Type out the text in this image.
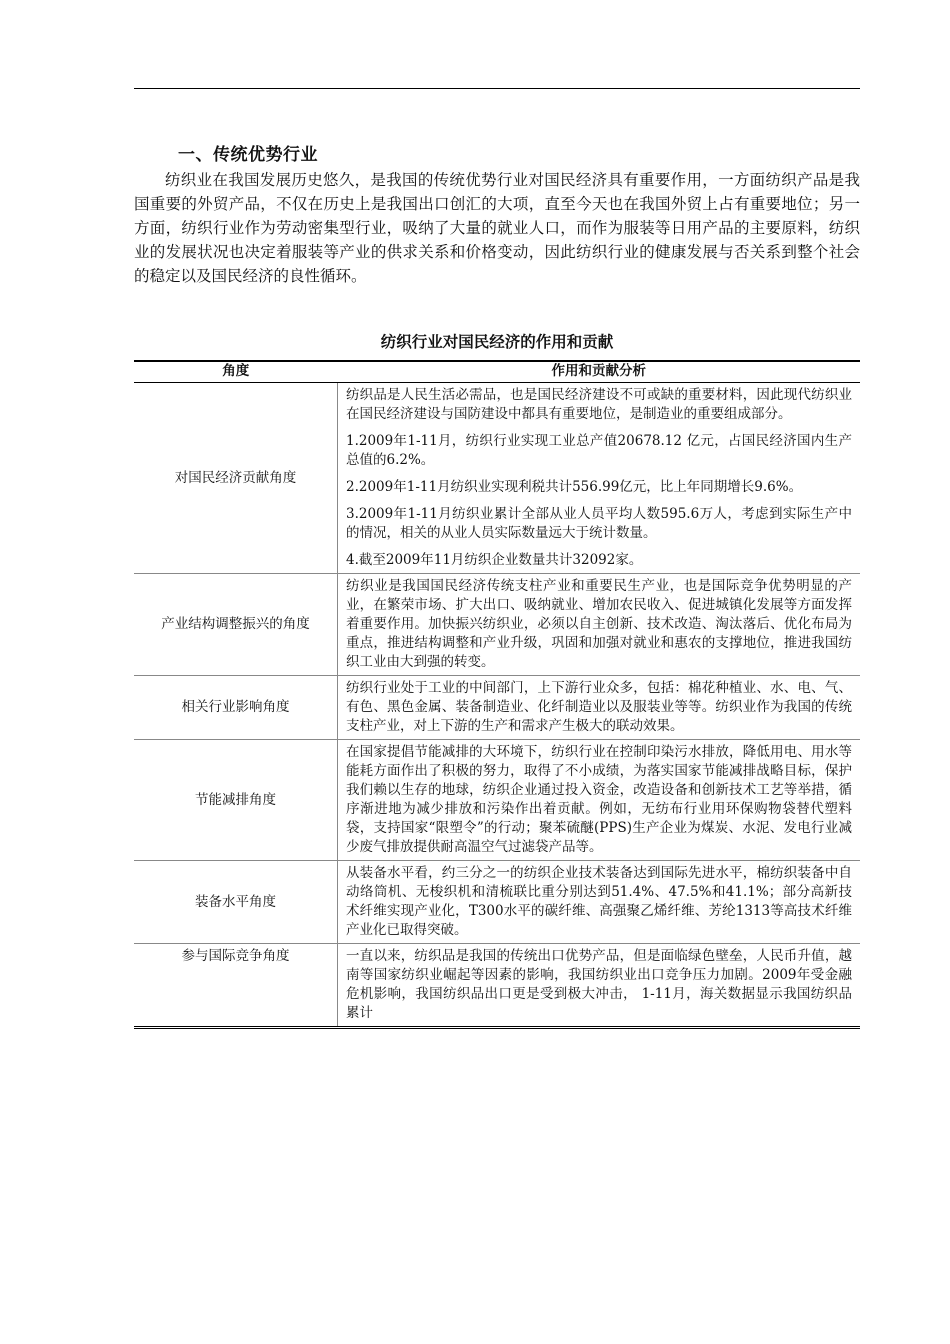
一、传统优势行业

纺织业在我国发展历史悠久，是我国的传统优势行业对国民经济具有重要作用，一方面纺织产品是我国重要的外贸产品，不仅在历史上是我国出口创汇的大项，直至今天也在我国外贸上占有重要地位；另一方面，纺织行业作为劳动密集型行业，吸纳了大量的就业人口，而作为服装等日用产品的主要原料，纺织业的发展状况也决定着服装等产业的供求关系和价格变动，因此纺织行业的健康发展与否关系到整个社会的稳定以及国民经济的良性循环。

纺织行业对国民经济的作用和贡献
角度	作用和贡献分析
对国民经济贡献角度	纺织品是人民生活必需品，也是国民经济建设不可或缺的重要材料，因此现代纺织业在国民经济建设与国防建设中都具有重要地位，是制造业的重要组成部分。
1.2009年1-11月，纺织行业实现工业总产值20678.12 亿元，占国民经济国内生产总值的6.2%。
2.2009年1-11月纺织业实现利税共计556.99亿元，比上年同期增长9.6%。
3.2009年1-11月纺织业累计全部从业人员平均人数595.6万人，考虑到实际生产中的情况，相关的从业人员实际数量远大于统计数量。
4.截至2009年11月纺织企业数量共计32092家。

产业结构调整振兴的角度	纺织业是我国国民经济传统支柱产业和重要民生产业，也是国际竞争优势明显的产业，在繁荣市场、扩大出口、吸纳就业、增加农民收入、促进城镇化发展等方面发挥着重要作用。加快振兴纺织业，必须以自主创新、技术改造、淘汰落后、优化布局为重点，推进结构调整和产业升级，巩固和加强对就业和惠农的支撑地位，推进我国纺织工业由大到强的转变。

相关行业影响角度	纺织行业处于工业的中间部门，上下游行业众多，包括：棉花种植业、水、电、气、有色、黑色金属、装备制造业、化纤制造业以及服装业等等。纺织业作为我国的传统支柱产业，对上下游的生产和需求产生极大的联动效果。

节能减排角度	在国家提倡节能减排的大环境下，纺织行业在控制印染污水排放，降低用电、用水等能耗方面作出了积极的努力，取得了不小成绩，为落实国家节能减排战略目标，保护我们赖以生存的地球，纺织企业通过投入资金，改造设备和创新技术工艺等举措，循序渐进地为减少排放和污染作出着贡献。例如，无纺布行业用环保购物袋替代塑料袋，支持国家“限塑令”的行动；聚苯硫醚(PPS)生产企业为煤炭、水泥、发电行业减少废气排放提供耐高温空气过滤袋产品等。

装备水平角度	从装备水平看，约三分之一的纺织企业技术装备达到国际先进水平，棉纺织装备中自动络筒机、无梭织机和清梳联比重分别达到51.4%、47.5%和41.1%；部分高新技术纤维实现产业化，T300水平的碳纤维、高强聚乙烯纤维、芳纶1313等高技术纤维产业化已取得突破。

参与国际竞争角度	一直以来，纺织品是我国的传统出口优势产品，但是面临绿色壁垒，人民币升值，越南等国家纺织业崛起等因素的影响，我国纺织业出口竞争压力加剧。2009年受金融危机影响，我国纺织品出口更是受到极大冲击， 1-11月，海关数据显示我国纺织品累计
